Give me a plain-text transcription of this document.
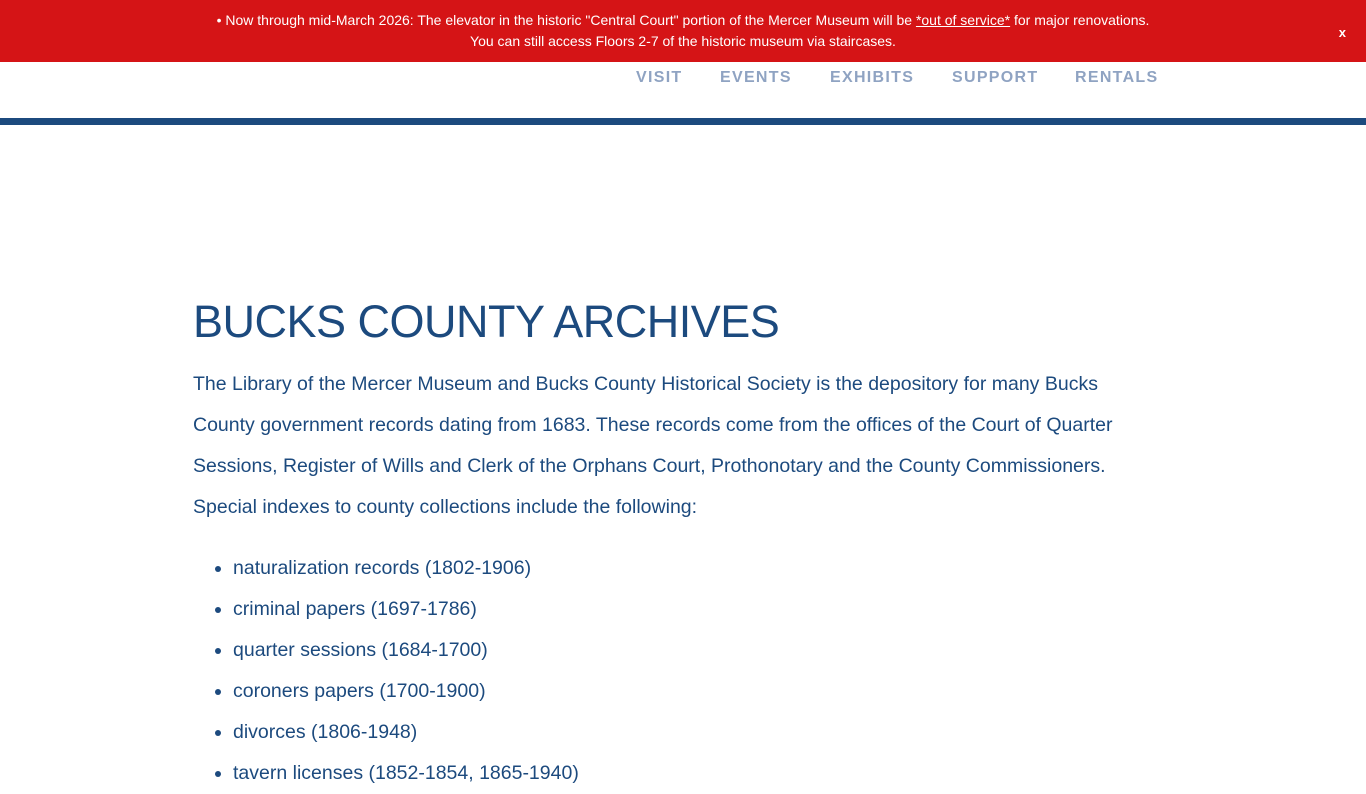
• Now through mid-March 2026: The elevator in the historic "Central Court" portion of the Mercer Museum will be *out of service* for major renovations.
You can still access Floors 2-7 of the historic museum via staircases.
x
VISIT EVENTS EXHIBITS SUPPORT RENTALS
BUCKS COUNTY ARCHIVES

The Library of the Mercer Museum and Bucks County Historical Society is the depository for many Bucks County government records dating from 1683. These records come from the offices of the Court of Quarter Sessions, Register of Wills and Clerk of the Orphans Court, Prothonotary and the County Commissioners. Special indexes to county collections include the following:

• naturalization records (1802-1906)
• criminal papers (1697-1786)
• quarter sessions (1684-1700)
• coroners papers (1700-1900)
• divorces (1806-1948)
• tavern licenses (1852-1854, 1865-1940)
